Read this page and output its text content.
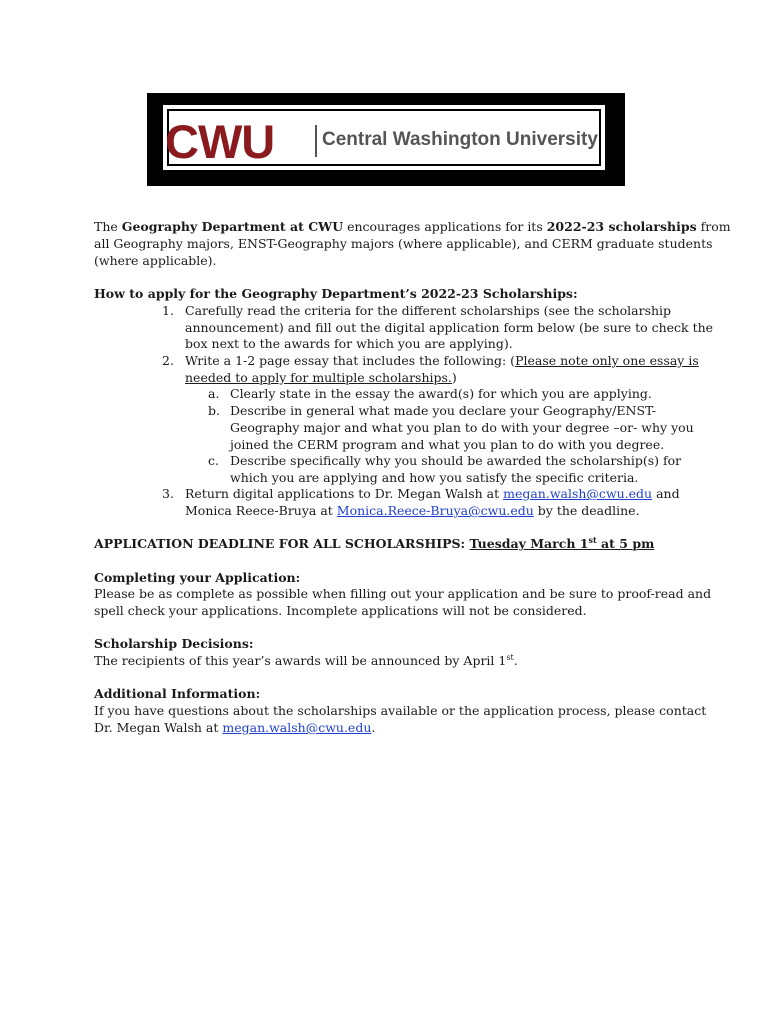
CWU	Central Washington University
The Geography Department at CWU encourages applications for its 2022-23 scholarships from
all Geography majors, ENST-Geography majors (where applicable), and CERM graduate students
(where applicable).
How to apply for the Geography Department’s 2022-23 Scholarships:
1. Carefully read the criteria for the different scholarships (see the scholarship
announcement) and fill out the digital application form below (be sure to check the
box next to the awards for which you are applying).
2. Write a 1-2 page essay that includes the following: (Please note only one essay is
needed to apply for multiple scholarships.)
a. Clearly state in the essay the award(s) for which you are applying.
b. Describe in general what made you declare your Geography/ENST-
Geography major and what you plan to do with your degree –or- why you
joined the CERM program and what you plan to do with you degree.
c. Describe specifically why you should be awarded the scholarship(s) for
which you are applying and how you satisfy the specific criteria.
3. Return digital applications to Dr. Megan Walsh at megan.walsh@cwu.edu and
Monica Reece-Bruya at Monica.Reece-Bruya@cwu.edu by the deadline.
APPLICATION DEADLINE FOR ALL SCHOLARSHIPS: Tuesday March 1st at 5 pm
Completing your Application:
Please be as complete as possible when filling out your application and be sure to proof-read and
spell check your applications. Incomplete applications will not be considered.
Scholarship Decisions:
The recipients of this year’s awards will be announced by April 1st.
Additional Information:
If you have questions about the scholarships available or the application process, please contact
Dr. Megan Walsh at megan.walsh@cwu.edu.
